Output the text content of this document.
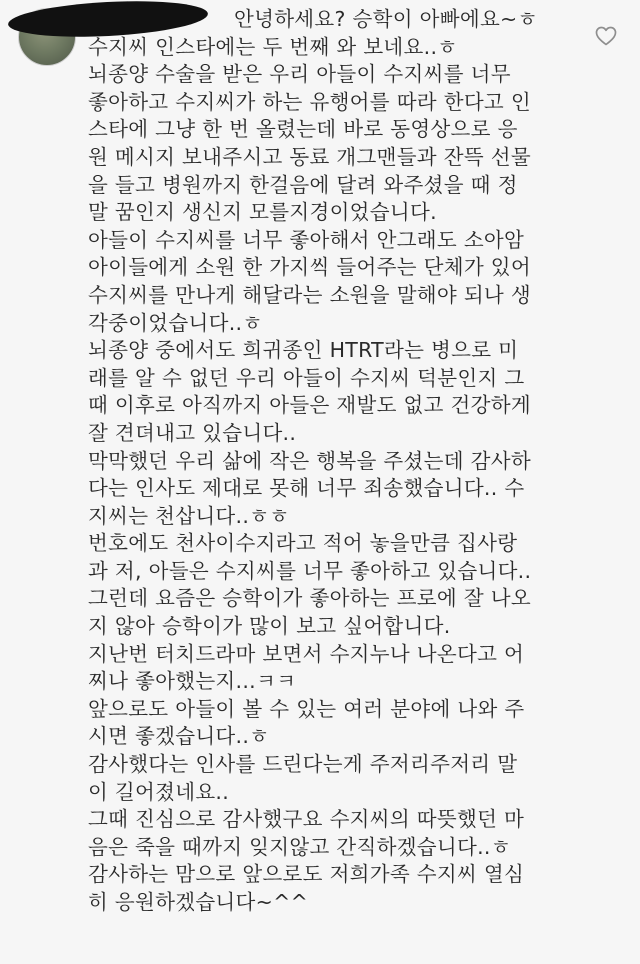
안녕하세요? 승학이 아빠에요~ㅎ
수지씨 인스타에는 두 번째 와 보네요..ㅎ
뇌종양 수술을 받은 우리 아들이 수지씨를 너무
좋아하고 수지씨가 하는 유행어를 따라 한다고 인
스타에 그냥 한 번 올렸는데 바로 동영상으로 응
원 메시지 보내주시고 동료 개그맨들과 잔뜩 선물
을 들고 병원까지 한걸음에 달려 와주셨을 때 정
말 꿈인지 생신지 모를지경이었습니다.
아들이 수지씨를 너무 좋아해서 안그래도 소아암
아이들에게 소원 한 가지씩 들어주는 단체가 있어
수지씨를 만나게 해달라는 소원을 말해야 되나 생
각중이었습니다..ㅎ
뇌종양 중에서도 희귀종인 HTRT라는 병으로 미
래를 알 수 없던 우리 아들이 수지씨 덕분인지 그
때 이후로 아직까지 아들은 재발도 없고 건강하게
잘 견뎌내고 있습니다..
막막했던 우리 삶에 작은 행복을 주셨는데 감사하
다는 인사도 제대로 못해 너무 죄송했습니다.. 수
지씨는 천삽니다..ㅎㅎ
번호에도 천사이수지라고 적어 놓을만큼 집사랑
과 저, 아들은 수지씨를 너무 좋아하고 있습니다..
그런데 요즘은 승학이가 좋아하는 프로에 잘 나오
지 않아 승학이가 많이 보고 싶어합니다.
지난번 터치드라마 보면서 수지누나 나온다고 어
찌나 좋아했는지...ㅋㅋ
앞으로도 아들이 볼 수 있는 여러 분야에 나와 주
시면 좋겠습니다..ㅎ
감사했다는 인사를 드린다는게 주저리주저리 말
이 길어졌네요..
그때 진심으로 감사했구요 수지씨의 따뜻했던 마
음은 죽을 때까지 잊지않고 간직하겠습니다..ㅎ
감사하는 맘으로 앞으로도 저희가족 수지씨 열심
히 응원하겠습니다~^^
